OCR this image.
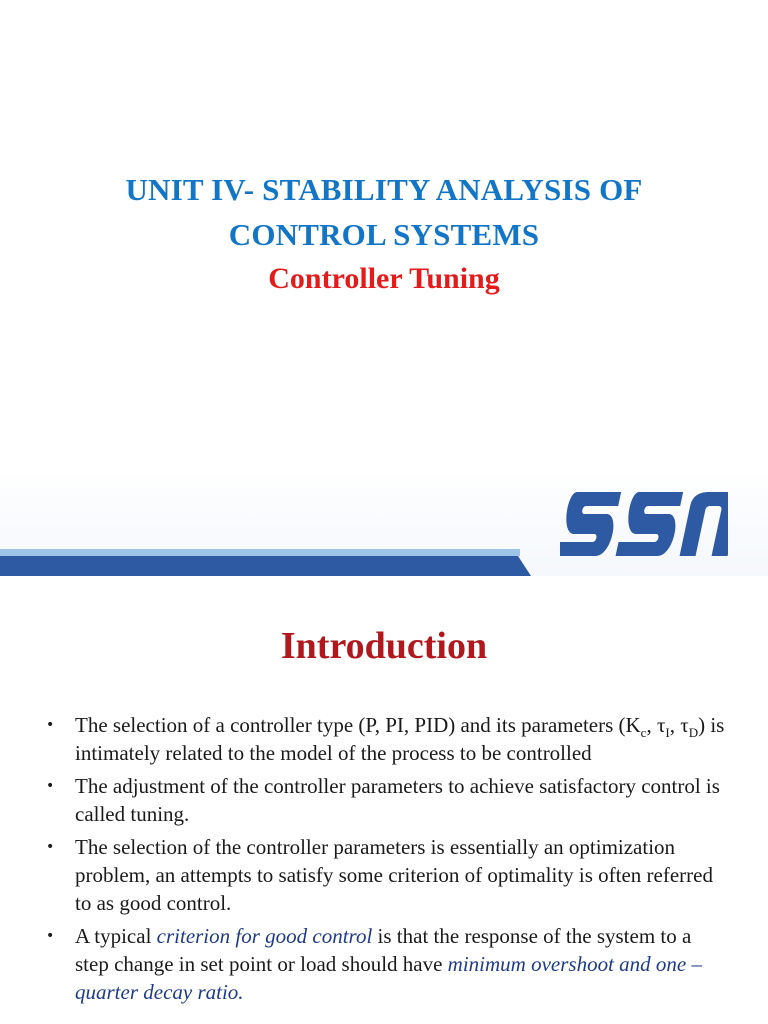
UNIT IV- STABILITY ANALYSIS OF
CONTROL SYSTEMS
Controller Tuning
Introduction
• The selection of a controller type (P, PI, PID) and its parameters ($K_c$, $\tau_I$, $\tau_D$) is intimately related to the model of the process to be controlled
• The adjustment of the controller parameters to achieve satisfactory control is called tuning.
• The selection of the controller parameters is essentially an optimization problem, an attempts to satisfy some criterion of optimality is often referred to as good control.
• A typical criterion for good control is that the response of the system to a step change in set point or load should have minimum overshoot and one – quarter decay ratio.
